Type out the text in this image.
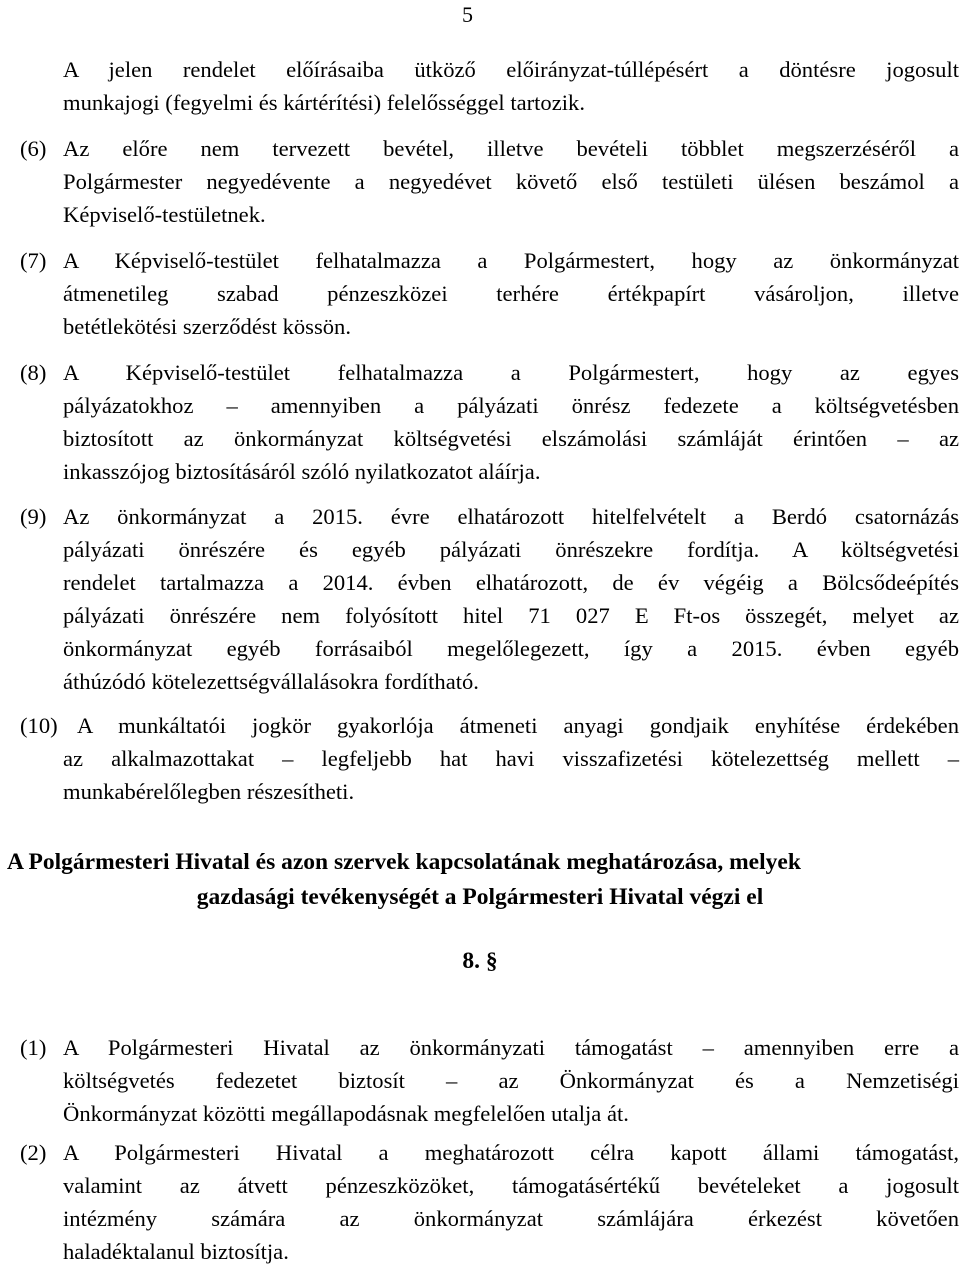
5
A jelen rendelet előírásaiba ütköző előirányzat-túllépésért a döntésre jogosult
munkajogi (fegyelmi és kártérítési) felelősséggel tartozik.
(6) Az előre nem tervezett bevétel, illetve bevételi többlet megszerzéséről a
Polgármester negyedévente a negyedévet követő első testületi ülésen beszámol a
Képviselő-testületnek.
(7) A Képviselő-testület felhatalmazza a Polgármestert, hogy az önkormányzat
átmenetileg szabad pénzeszközei terhére értékpapírt vásároljon, illetve
betétlekötési szerződést kössön.
(8) A Képviselő-testület felhatalmazza a Polgármestert, hogy az egyes
pályázatokhoz – amennyiben a pályázati önrész fedezete a költségvetésben
biztosított az önkormányzat költségvetési elszámolási számláját érintően – az
inkasszójog biztosításáról szóló nyilatkozatot aláírja.
(9) Az önkormányzat a 2015. évre elhatározott hitelfelvételt a Berdó csatornázás
pályázati önrészére és egyéb pályázati önrészekre fordítja. A költségvetési
rendelet tartalmazza a 2014. évben elhatározott, de év végéig a Bölcsődeépítés
pályázati önrészére nem folyósított hitel 71 027 E Ft-os összegét, melyet az
önkormányzat egyéb forrásaiból megelőlegezett, így a 2015. évben egyéb
áthúzódó kötelezettségvállalásokra fordítható.
(10) A munkáltatói jogkör gyakorlója átmeneti anyagi gondjaik enyhítése érdekében
az alkalmazottakat – legfeljebb hat havi visszafizetési kötelezettség mellett –
munkabérelőlegben részesítheti.
A Polgármesteri Hivatal és azon szervek kapcsolatának meghatározása, melyek
gazdasági tevékenységét a Polgármesteri Hivatal végzi el
8. §
(1) A Polgármesteri Hivatal az önkormányzati támogatást – amennyiben erre a
költségvetés fedezetet biztosít – az Önkormányzat és a Nemzetiségi
Önkormányzat közötti megállapodásnak megfelelően utalja át.
(2) A Polgármesteri Hivatal a meghatározott célra kapott állami támogatást,
valamint az átvett pénzeszközöket, támogatásértékű bevételeket a jogosult
intézmény számára az önkormányzat számlájára érkezést követően
haladéktalanul biztosítja.
